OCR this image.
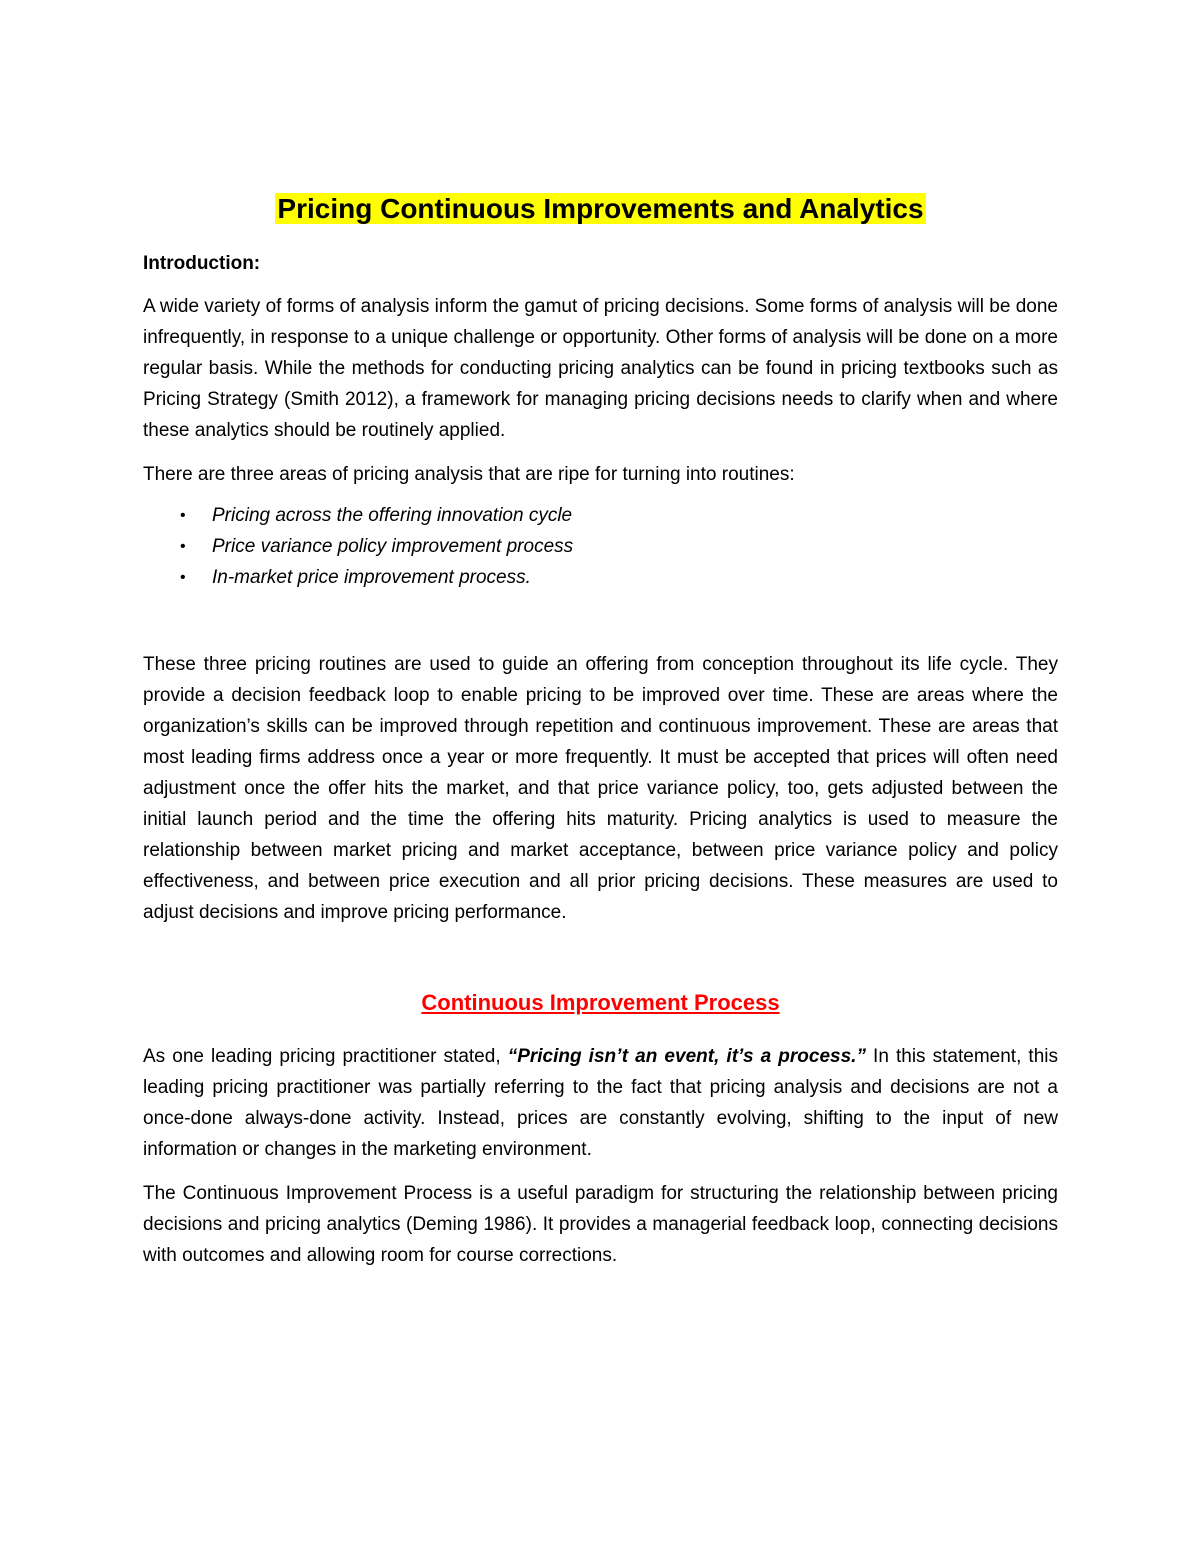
Pricing Continuous Improvements and Analytics

Introduction:

A wide variety of forms of analysis inform the gamut of pricing decisions. Some forms of analysis will be done infrequently, in response to a unique challenge or opportunity. Other forms of analysis will be done on a more regular basis. While the methods for conducting pricing analytics can be found in pricing textbooks such as Pricing Strategy (Smith 2012), a framework for managing pricing decisions needs to clarify when and where these analytics should be routinely applied.

There are three areas of pricing analysis that are ripe for turning into routines:

• Pricing across the offering innovation cycle
• Price variance policy improvement process
• In-market price improvement process.

These three pricing routines are used to guide an offering from conception throughout its life cycle. They provide a decision feedback loop to enable pricing to be improved over time. These are areas where the organization’s skills can be improved through repetition and continuous improvement. These are areas that most leading firms address once a year or more frequently. It must be accepted that prices will often need adjustment once the offer hits the market, and that price variance policy, too, gets adjusted between the initial launch period and the time the offering hits maturity. Pricing analytics is used to measure the relationship between market pricing and market acceptance, between price variance policy and policy effectiveness, and between price execution and all prior pricing decisions. These measures are used to adjust decisions and improve pricing performance.

Continuous Improvement Process

As one leading pricing practitioner stated, “Pricing isn’t an event, it’s a process.” In this statement, this leading pricing practitioner was partially referring to the fact that pricing analysis and decisions are not a once-done always-done activity. Instead, prices are constantly evolving, shifting to the input of new information or changes in the marketing environment.

The Continuous Improvement Process is a useful paradigm for structuring the relationship between pricing decisions and pricing analytics (Deming 1986). It provides a managerial feedback loop, connecting decisions with outcomes and allowing room for course corrections.
